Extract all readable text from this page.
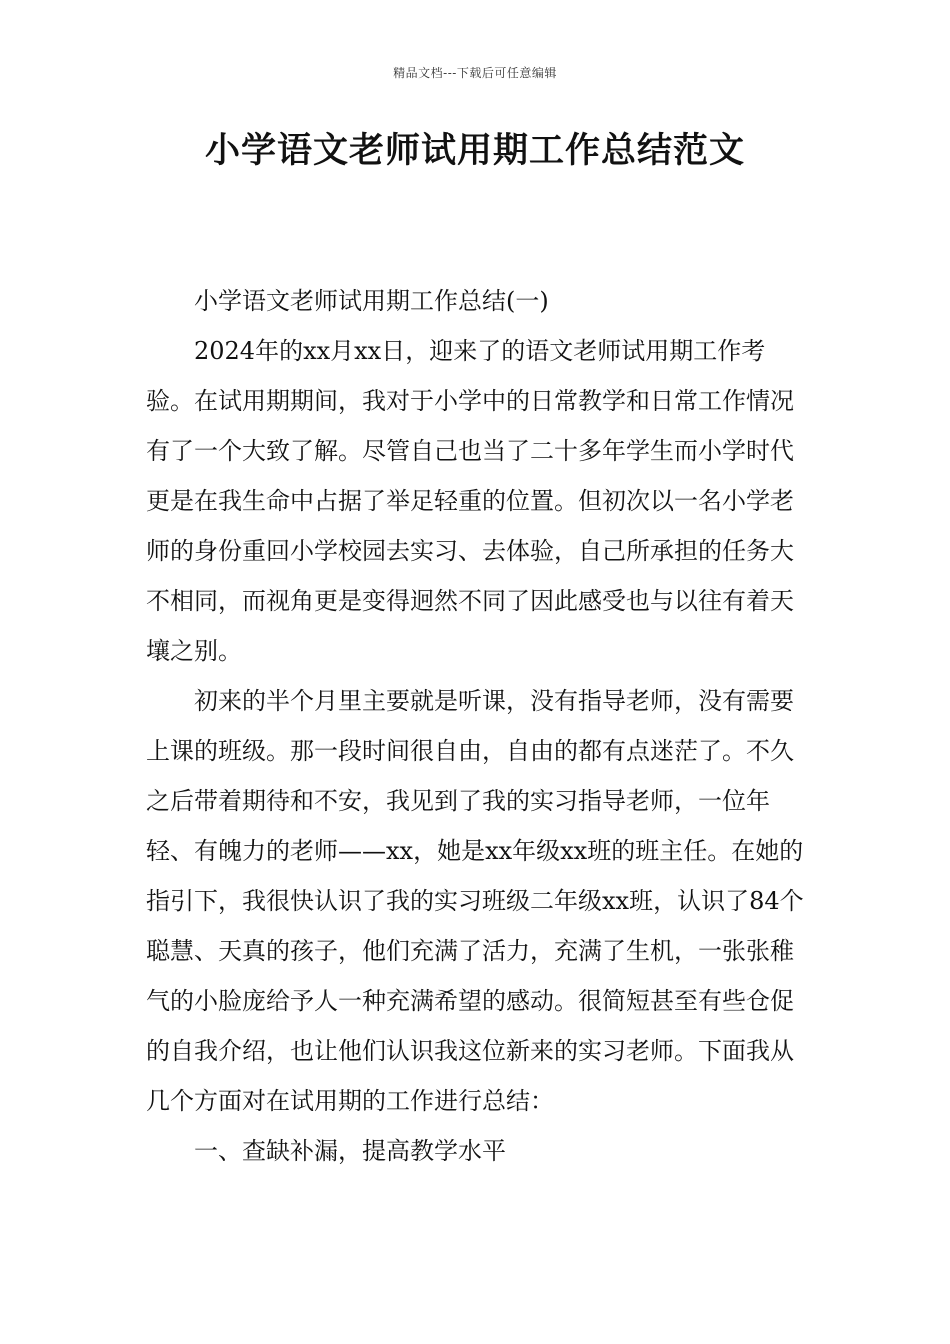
精品文档---下载后可任意编辑
小学语文老师试用期工作总结范文

小学语文老师试用期工作总结(一)

2024年的xx月xx日，迎来了的语文老师试用期工作考验。在试用期期间，我对于小学中的日常教学和日常工作情况有了一个大致了解。尽管自己也当了二十多年学生而小学时代更是在我生命中占据了举足轻重的位置。但初次以一名小学老师的身份重回小学校园去实习、去体验，自己所承担的任务大不相同，而视角更是变得迥然不同了因此感受也与以往有着天壤之别。

初来的半个月里主要就是听课，没有指导老师，没有需要上课的班级。那一段时间很自由，自由的都有点迷茫了。不久之后带着期待和不安，我见到了我的实习指导老师，一位年轻、有魄力的老师——xx，她是xx年级xx班的班主任。在她的指引下，我很快认识了我的实习班级二年级xx班，认识了84个聪慧、天真的孩子，他们充满了活力，充满了生机，一张张稚气的小脸庞给予人一种充满希望的感动。很简短甚至有些仓促的自我介绍，也让他们认识我这位新来的实习老师。下面我从几个方面对在试用期的工作进行总结：

一、查缺补漏，提高教学水平
